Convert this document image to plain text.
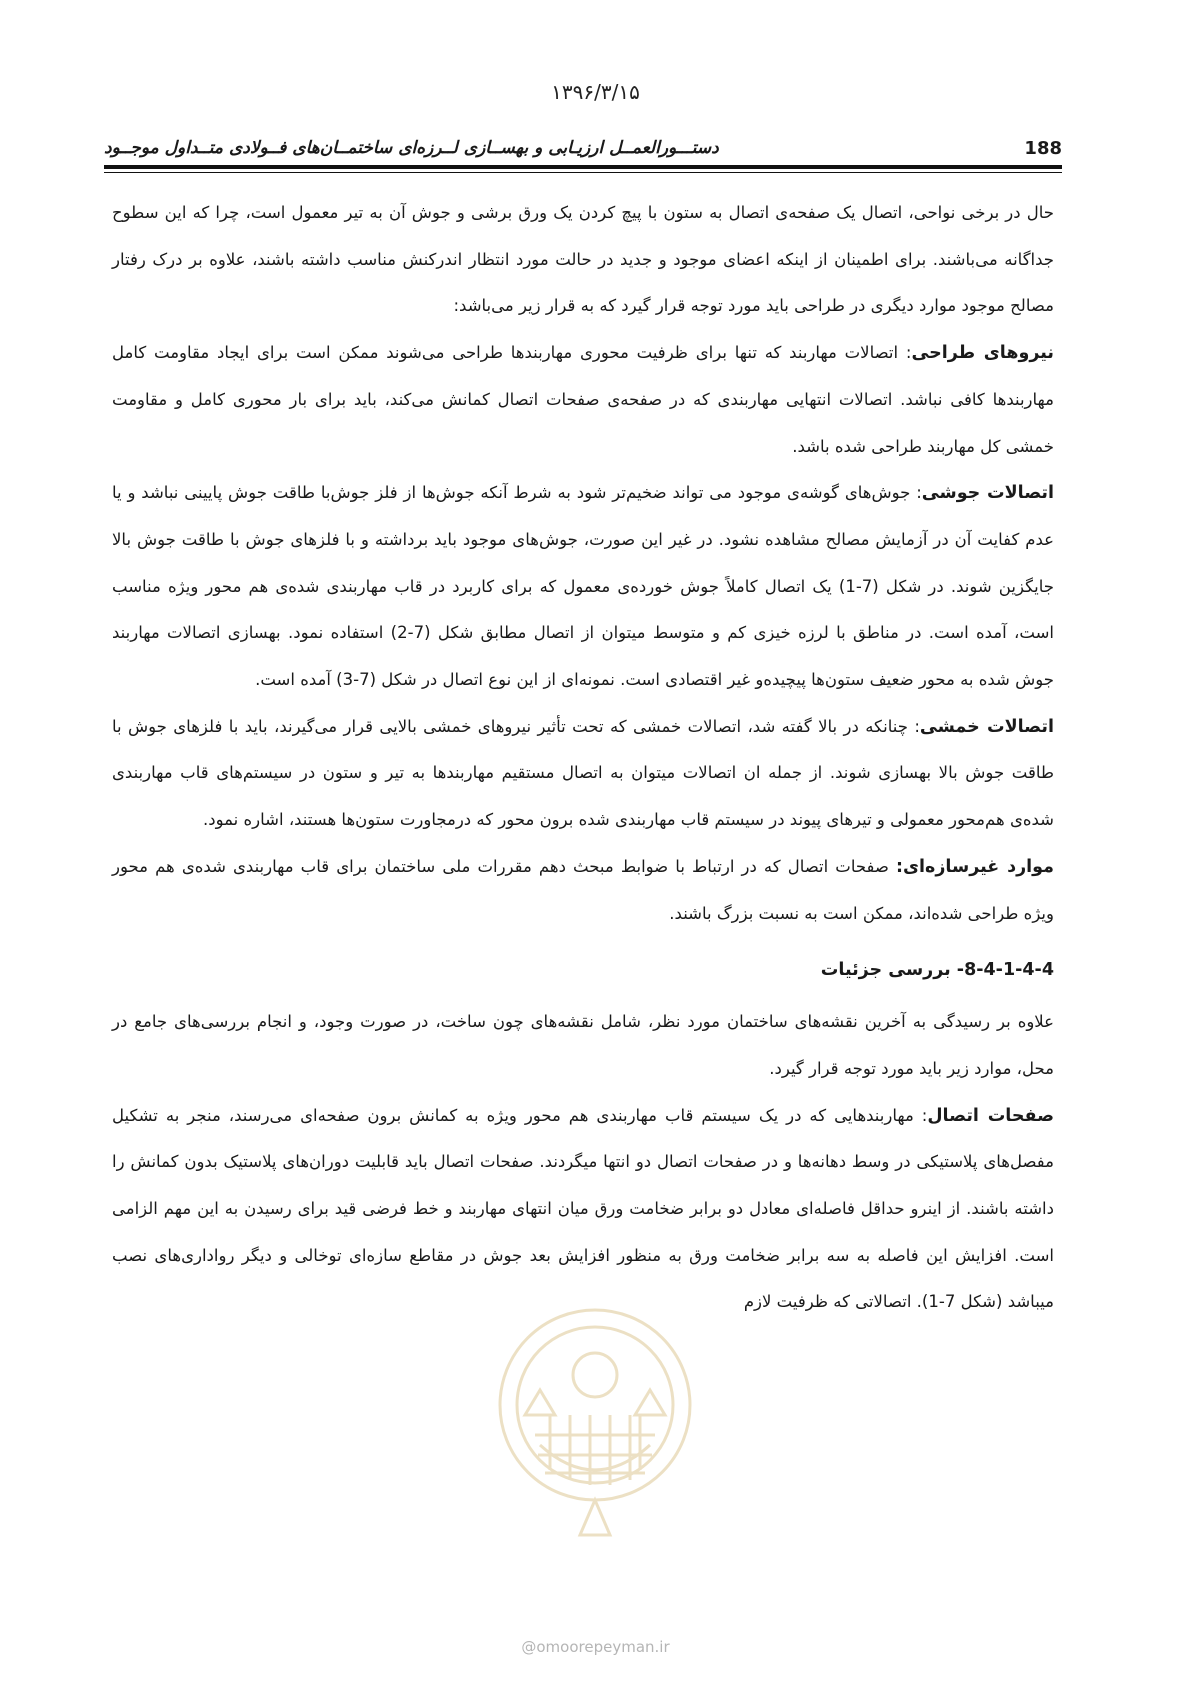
۱۳۹۶/۳/۱۵
188
دستـــورالعمــل ارزیـابی و بهســازی لــرزه‌ای ساختمــان‌های فــولادی متــداول موجــود

حال در برخی نواحی، اتصال یک صفحه‌ی اتصال به ستون با پیچ کردن یک ورق برشی و جوش آن به تیر معمول است، چرا که این سطوح جداگانه می‌باشند. برای اطمینان از اینکه اعضای موجود و جدید در حالت مورد انتظار اندرکنش مناسب داشته باشند، علاوه بر درک رفتار مصالح موجود موارد دیگری در طراحی باید مورد توجه قرار گیرد که به قرار زیر می‌باشد:

نیروهای طراحی: اتصالات مهاربند که تنها برای ظرفیت محوری مهاربندها طراحی می‌شوند ممکن است برای ایجاد مقاومت کامل مهاربندها کافی نباشد. اتصالات انتهایی مهاربندی که در صفحه‌ی صفحات اتصال کمانش می‌کند، باید برای بار محوری کامل و مقاومت خمشی کل مهاربند طراحی شده باشد.

اتصالات جوشی: جوش‌های گوشه‌ی موجود می تواند ضخیم‌تر شود به شرط آنکه جوش‌ها از فلز جوش‌با طاقت جوش پایینی نباشد و یا عدم کفایت آن در آزمایش مصالح مشاهده نشود. در غیر این صورت، جوش‌های موجود باید برداشته و با فلزهای جوش با طاقت جوش بالا جایگزین شوند. در شکل (7-1) یک اتصال کاملاً جوش خورده‌ی معمول که برای کاربرد در قاب مهاربندی شده‌ی هم محور ویژه مناسب است، آمده است. در مناطق با لرزه خیزی کم و متوسط میتوان از اتصال مطابق شکل (7-2) استفاده نمود. بهسازی اتصالات مهاربند جوش شده به محور ضعیف ستون‌ها پیچیده‌و غیر اقتصادی است. نمونه‌ای از این نوع اتصال در شکل (7-3) آمده است.

اتصالات خمشی: چنانکه در بالا گفته شد، اتصالات خمشی که تحت تأثیر نیروهای خمشی بالایی قرار می‌گیرند، باید با فلزهای جوش با طاقت جوش بالا بهسازی شوند. از جمله ان اتصالات میتوان به اتصال مستقیم مهاربندها به تیر و ستون در سیستم‌های قاب مهاربندی شده‌ی هم‌محور معمولی و تیرهای پیوند در سیستم قاب مهاربندی شده برون محور که درمجاورت ستون‌ها هستند، اشاره نمود.

موارد غیرسازه‌ای: صفحات اتصال که در ارتباط با ضوابط مبحث دهم مقررات ملی ساختمان برای قاب مهاربندی شده‌ی هم محور ویژه طراحی شده‌اند، ممکن است به نسبت بزرگ باشند.

8-4-1-4-4- بررسی جزئیات

علاوه بر رسیدگی به آخرین نقشه‌های ساختمان مورد نظر، شامل نقشه‌های چون ساخت، در صورت وجود، و انجام بررسی‌های جامع در محل، موارد زیر باید مورد توجه قرار گیرد.

صفحات اتصال: مهاربندهایی که در یک سیستم قاب مهاربندی هم محور ویژه به کمانش برون صفحه‌ای می‌رسند، منجر به تشکیل مفصل‌های پلاستیکی در وسط دهانه‌ها و در صفحات اتصال دو انتها میگردند. صفحات اتصال باید قابلیت دوران‌های پلاستیک بدون کمانش را داشته باشند. از اینرو حداقل فاصله‌ای معادل دو برابر ضخامت ورق میان انتهای مهاربند و خط فرضی قید برای رسیدن به این مهم الزامی است. افزایش این فاصله به سه برابر ضخامت ورق به منظور افزایش بعد جوش در مقاطع سازه‌ای توخالی و دیگر رواداری‌های نصب میباشد (شکل 7-1). اتصالاتی که ظرفیت لازم

@omoorepeyman.ir
